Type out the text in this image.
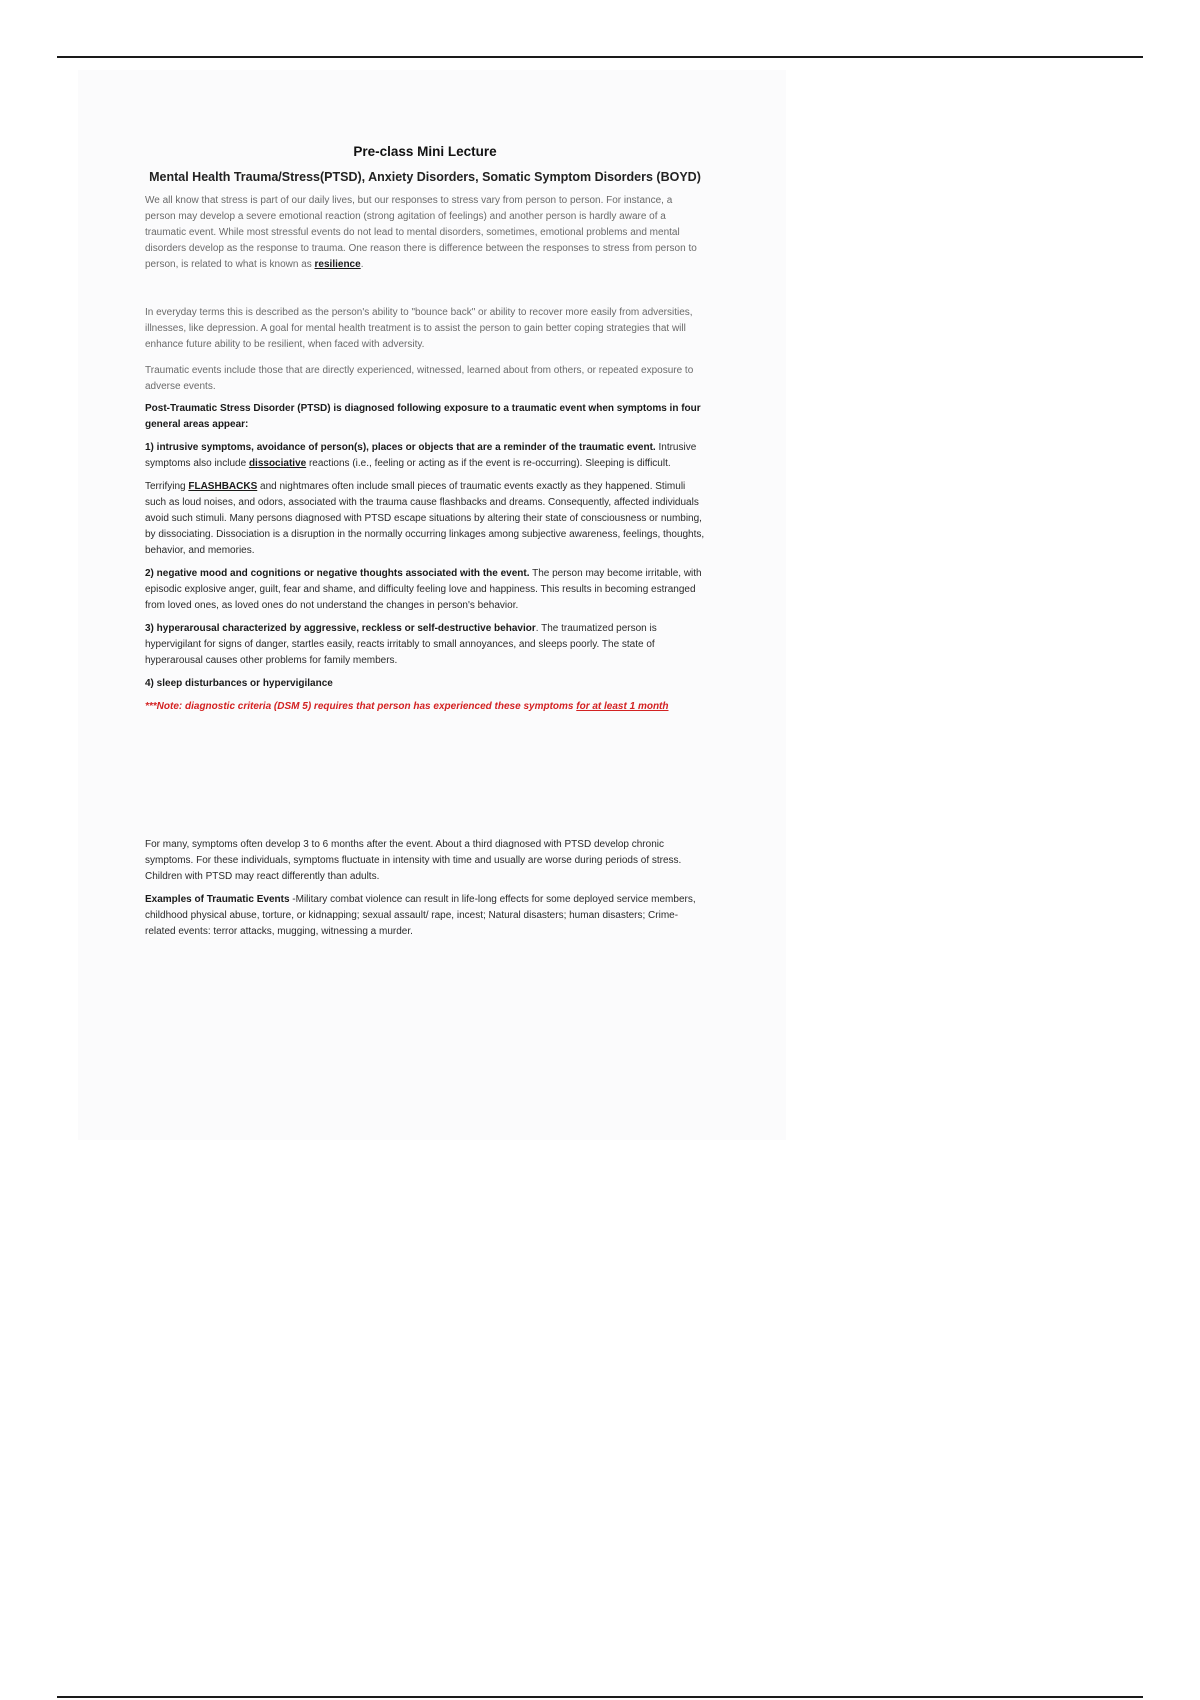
Pre-class Mini Lecture
Mental Health Trauma/Stress(PTSD), Anxiety Disorders, Somatic Symptom Disorders (BOYD)

We all know that stress is part of our daily lives, but our responses to stress vary from person to person. For instance, a person may develop a severe emotional reaction (strong agitation of feelings) and another person is hardly aware of a traumatic event. While most stressful events do not lead to mental disorders, sometimes, emotional problems and mental disorders develop as the response to trauma. One reason there is difference between the responses to stress from person to person, is related to what is known as resilience.

In everyday terms this is described as the person's ability to "bounce back" or ability to recover more easily from adversities, illnesses, like depression. A goal for mental health treatment is to assist the person to gain better coping strategies that will enhance future ability to be resilient, when faced with adversity.

Traumatic events include those that are directly experienced, witnessed, learned about from others, or repeated exposure to adverse events.

Post-Traumatic Stress Disorder (PTSD) is diagnosed following exposure to a traumatic event when symptoms in four general areas appear:

1) intrusive symptoms, avoidance of person(s), places or objects that are a reminder of the traumatic event. Intrusive symptoms also include dissociative reactions (i.e., feeling or acting as if the event is re-occurring). Sleeping is difficult.

Terrifying FLASHBACKS and nightmares often include small pieces of traumatic events exactly as they happened. Stimuli such as loud noises, and odors, associated with the trauma cause flashbacks and dreams. Consequently, affected individuals avoid such stimuli. Many persons diagnosed with PTSD escape situations by altering their state of consciousness or numbing, by dissociating. Dissociation is a disruption in the normally occurring linkages among subjective awareness, feelings, thoughts, behavior, and memories.

2) negative mood and cognitions or negative thoughts associated with the event. The person may become irritable, with episodic explosive anger, guilt, fear and shame, and difficulty feeling love and happiness. This results in becoming estranged from loved ones, as loved ones do not understand the changes in person's behavior.

3) hyperarousal characterized by aggressive, reckless or self-destructive behavior. The traumatized person is hypervigilant for signs of danger, startles easily, reacts irritably to small annoyances, and sleeps poorly. The state of hyperarousal causes other problems for family members.

4) sleep disturbances or hypervigilance

***Note: diagnostic criteria (DSM 5) requires that person has experienced these symptoms for at least 1 month

For many, symptoms often develop 3 to 6 months after the event. About a third diagnosed with PTSD develop chronic symptoms. For these individuals, symptoms fluctuate in intensity with time and usually are worse during periods of stress. Children with PTSD may react differently than adults.

Examples of Traumatic Events -Military combat violence can result in life-long effects for some deployed service members, childhood physical abuse, torture, or kidnapping; sexual assault/ rape, incest; Natural disasters; human disasters; Crime-related events: terror attacks, mugging, witnessing a murder.
